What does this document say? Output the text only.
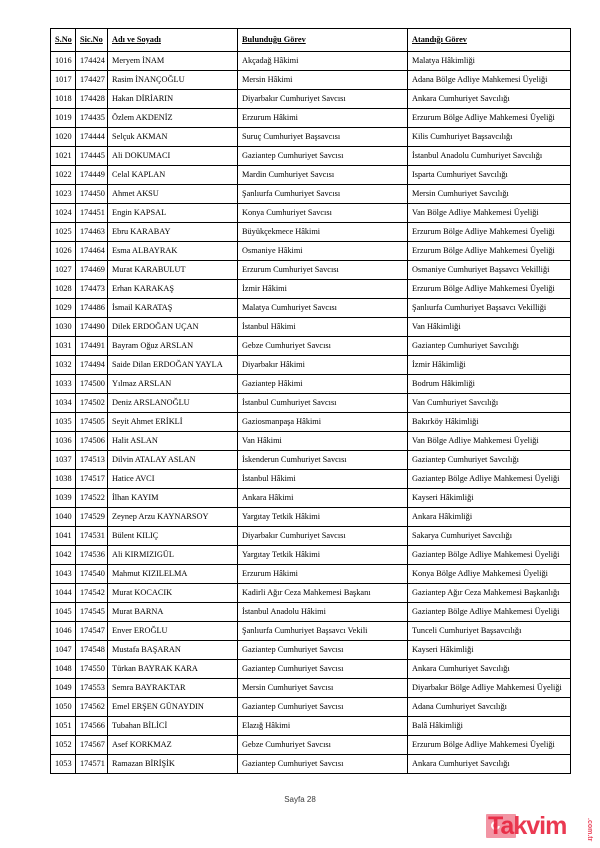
S.No	Sic.No	Adı ve Soyadı	Bulunduğu Görev	Atandığı Görev
1016	174424	Meryem İNAM	Akçadağ Hâkimi	Malatya Hâkimliği
1017	174427	Rasim İNANÇOĞLU	Mersin Hâkimi	Adana Bölge Adliye Mahkemesi Üyeliği
1018	174428	Hakan DİRİARIN	Diyarbakır Cumhuriyet Savcısı	Ankara Cumhuriyet Savcılığı
1019	174435	Özlem AKDENİZ	Erzurum Hâkimi	Erzurum Bölge Adliye Mahkemesi Üyeliği
1020	174444	Selçuk AKMAN	Suruç Cumhuriyet Başsavcısı	Kilis Cumhuriyet Başsavcılığı
1021	174445	Ali DOKUMACI	Gaziantep Cumhuriyet Savcısı	İstanbul Anadolu Cumhuriyet Savcılığı
1022	174449	Celal KAPLAN	Mardin Cumhuriyet Savcısı	Isparta Cumhuriyet Savcılığı
1023	174450	Ahmet AKSU	Şanlıurfa Cumhuriyet Savcısı	Mersin Cumhuriyet Savcılığı
1024	174451	Engin KAPSAL	Konya Cumhuriyet Savcısı	Van Bölge Adliye Mahkemesi Üyeliği
1025	174463	Ebru KARABAY	Büyükçekmece Hâkimi	Erzurum Bölge Adliye Mahkemesi Üyeliği
1026	174464	Esma ALBAYRAK	Osmaniye Hâkimi	Erzurum Bölge Adliye Mahkemesi Üyeliği
1027	174469	Murat KARABULUT	Erzurum Cumhuriyet Savcısı	Osmaniye Cumhuriyet Başsavcı Vekilliği
1028	174473	Erhan KARAKAŞ	İzmir Hâkimi	Erzurum Bölge Adliye Mahkemesi Üyeliği
1029	174486	İsmail KARATAŞ	Malatya Cumhuriyet Savcısı	Şanlıurfa Cumhuriyet Başsavcı Vekilliği
1030	174490	Dilek ERDOĞAN UÇAN	İstanbul Hâkimi	Van Hâkimliği
1031	174491	Bayram Oğuz ARSLAN	Gebze Cumhuriyet Savcısı	Gaziantep Cumhuriyet Savcılığı
1032	174494	Saide Dilan ERDOĞAN YAYLA	Diyarbakır Hâkimi	İzmir Hâkimliği
1033	174500	Yılmaz ARSLAN	Gaziantep Hâkimi	Bodrum Hâkimliği
1034	174502	Deniz ARSLANOĞLU	İstanbul Cumhuriyet Savcısı	Van Cumhuriyet Savcılığı
1035	174505	Seyit Ahmet ERİKLİ	Gaziosmanpaşa Hâkimi	Bakırköy Hâkimliği
1036	174506	Halit ASLAN	Van Hâkimi	Van Bölge Adliye Mahkemesi Üyeliği
1037	174513	Dilvin ATALAY ASLAN	İskenderun Cumhuriyet Savcısı	Gaziantep Cumhuriyet Savcılığı
1038	174517	Hatice AVCI	İstanbul Hâkimi	Gaziantep Bölge Adliye Mahkemesi Üyeliği
1039	174522	İlhan KAYIM	Ankara Hâkimi	Kayseri Hâkimliği
1040	174529	Zeynep Arzu KAYNARSOY	Yargıtay Tetkik Hâkimi	Ankara Hâkimliği
1041	174531	Bülent KILIÇ	Diyarbakır Cumhuriyet Savcısı	Sakarya Cumhuriyet Savcılığı
1042	174536	Ali KIRMIZIGÜL	Yargıtay Tetkik Hâkimi	Gaziantep Bölge Adliye Mahkemesi Üyeliği
1043	174540	Mahmut KIZILELMA	Erzurum Hâkimi	Konya Bölge Adliye Mahkemesi Üyeliği
1044	174542	Murat KOCACIK	Kadirli Ağır Ceza Mahkemesi Başkanı	Gaziantep Ağır Ceza Mahkemesi Başkanlığı
1045	174545	Murat BARNA	İstanbul Anadolu Hâkimi	Gaziantep Bölge Adliye Mahkemesi Üyeliği
1046	174547	Enver EROĞLU	Şanlıurfa Cumhuriyet Başsavcı Vekili	Tunceli Cumhuriyet Başsavcılığı
1047	174548	Mustafa BAŞARAN	Gaziantep Cumhuriyet Savcısı	Kayseri Hâkimliği
1048	174550	Türkan BAYRAK KARA	Gaziantep Cumhuriyet Savcısı	Ankara Cumhuriyet Savcılığı
1049	174553	Semra BAYRAKTAR	Mersin Cumhuriyet Savcısı	Diyarbakır Bölge Adliye Mahkemesi Üyeliği
1050	174562	Emel ERŞEN GÜNAYDIN	Gaziantep Cumhuriyet Savcısı	Adana Cumhuriyet Savcılığı
1051	174566	Tubahan BİLİCİ	Elazığ Hâkimi	Balâ Hâkimliği
1052	174567	Asef KORKMAZ	Gebze Cumhuriyet Savcısı	Erzurum Bölge Adliye Mahkemesi Üyeliği
1053	174571	Ramazan BİRİŞİK	Gaziantep Cumhuriyet Savcısı	Ankara Cumhuriyet Savcılığı
Sayfa 28
Takvim	.com.tr
